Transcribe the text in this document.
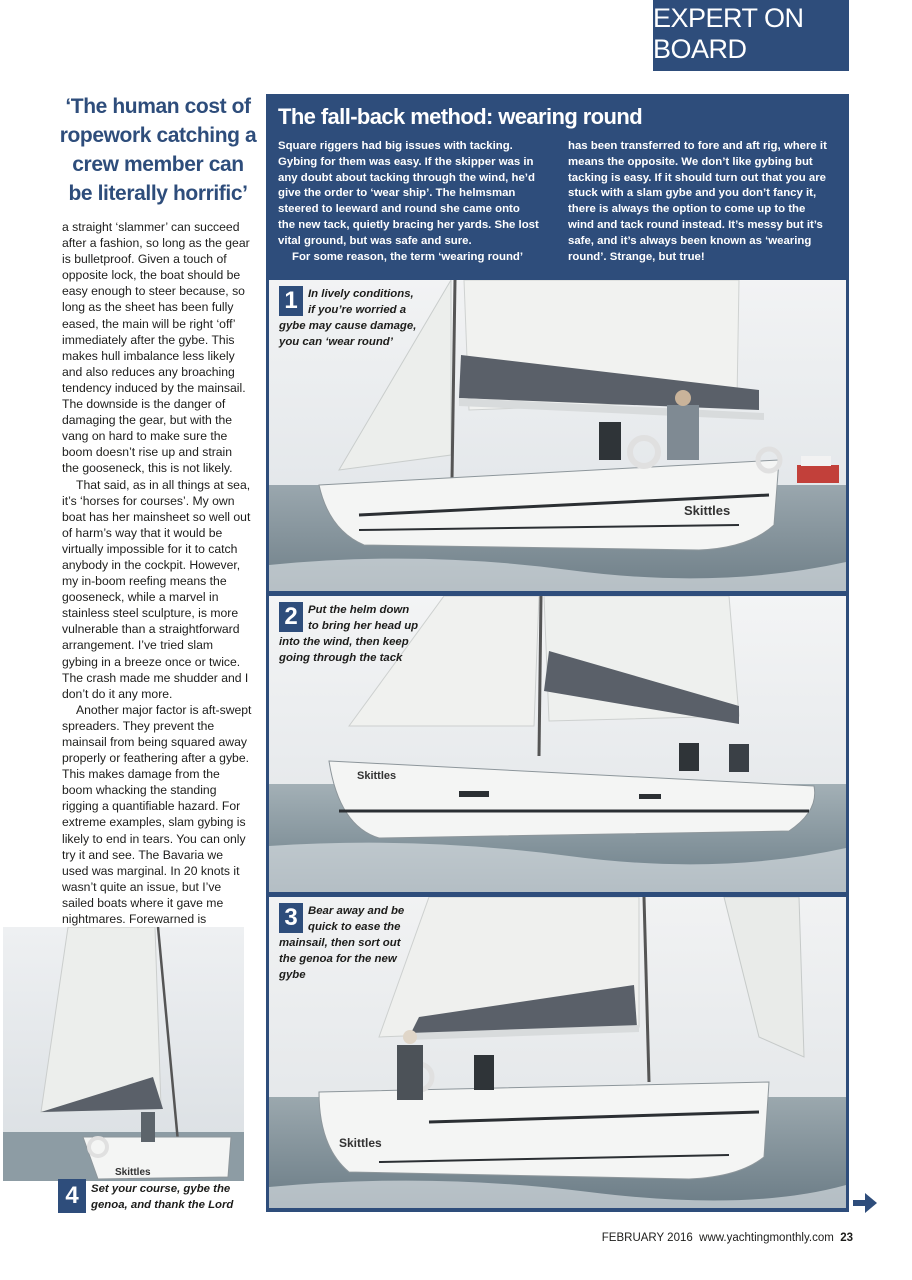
EXPERT ON BOARD
‘The human cost of ropework catching a crew member can be literally horrific’

a straight ‘slammer’ can succeed after a fashion, so long as the gear is bulletproof. Given a touch of opposite lock, the boat should be easy enough to steer because, so long as the sheet has been fully eased, the main will be right ‘off’ immediately after the gybe. This makes hull imbalance less likely and also reduces any broaching tendency induced by the mainsail. The downside is the danger of damaging the gear, but with the vang on hard to make sure the boom doesn’t rise up and strain the gooseneck, this is not likely.

That said, as in all things at sea, it’s ‘horses for courses’. My own boat has her mainsheet so well out of harm’s way that it would be virtually impossible for it to catch anybody in the cockpit. However, my in-boom reefing means the gooseneck, while a marvel in stainless steel sculpture, is more vulnerable than a straightforward arrangement. I’ve tried slam gybing in a breeze once or twice. The crash made me shudder and I don’t do it any more.

Another major factor is aft-swept spreaders. They prevent the mainsail from being squared away properly or feathering after a gybe. This makes damage from the boom whacking the standing rigging a quantifiable hazard. For extreme examples, slam gybing is likely to end in tears. You can only try it and see. The Bavaria we used was marginal. In 20 knots it wasn’t quite an issue, but I’ve sailed boats where it gave me nightmares. Forewarned is

The fall-back method: wearing round

Square riggers had big issues with tacking. Gybing for them was easy. If the skipper was in any doubt about tacking through the wind, he’d give the order to ‘wear ship’. The helmsman steered to leeward and round she came onto the new tack, quietly bracing her yards. She lost vital ground, but was safe and sure.

For some reason, the term ‘wearing round’

has been transferred to fore and aft rig, where it means the opposite. We don’t like gybing but tacking is easy. If it should turn out that you are stuck with a slam gybe and you don’t fancy it, there is always the option to come up to the wind and tack round instead. It’s messy but it’s safe, and it’s always been known as ‘wearing round’. Strange, but true!

Skittles
1 In lively conditions, if you’re worried a gybe may cause damage, you can ‘wear round’
Skittles
2 Put the helm down to bring her head up into the wind, then keep going through the tack
Skittles
3 Bear away and be quick to ease the mainsail, then sort out the genoa for the new gybe
Skittles
4	Set your course, gybe the genoa, and thank the Lord
FEBRUARY 2016 www.yachtingmonthly.com 23
